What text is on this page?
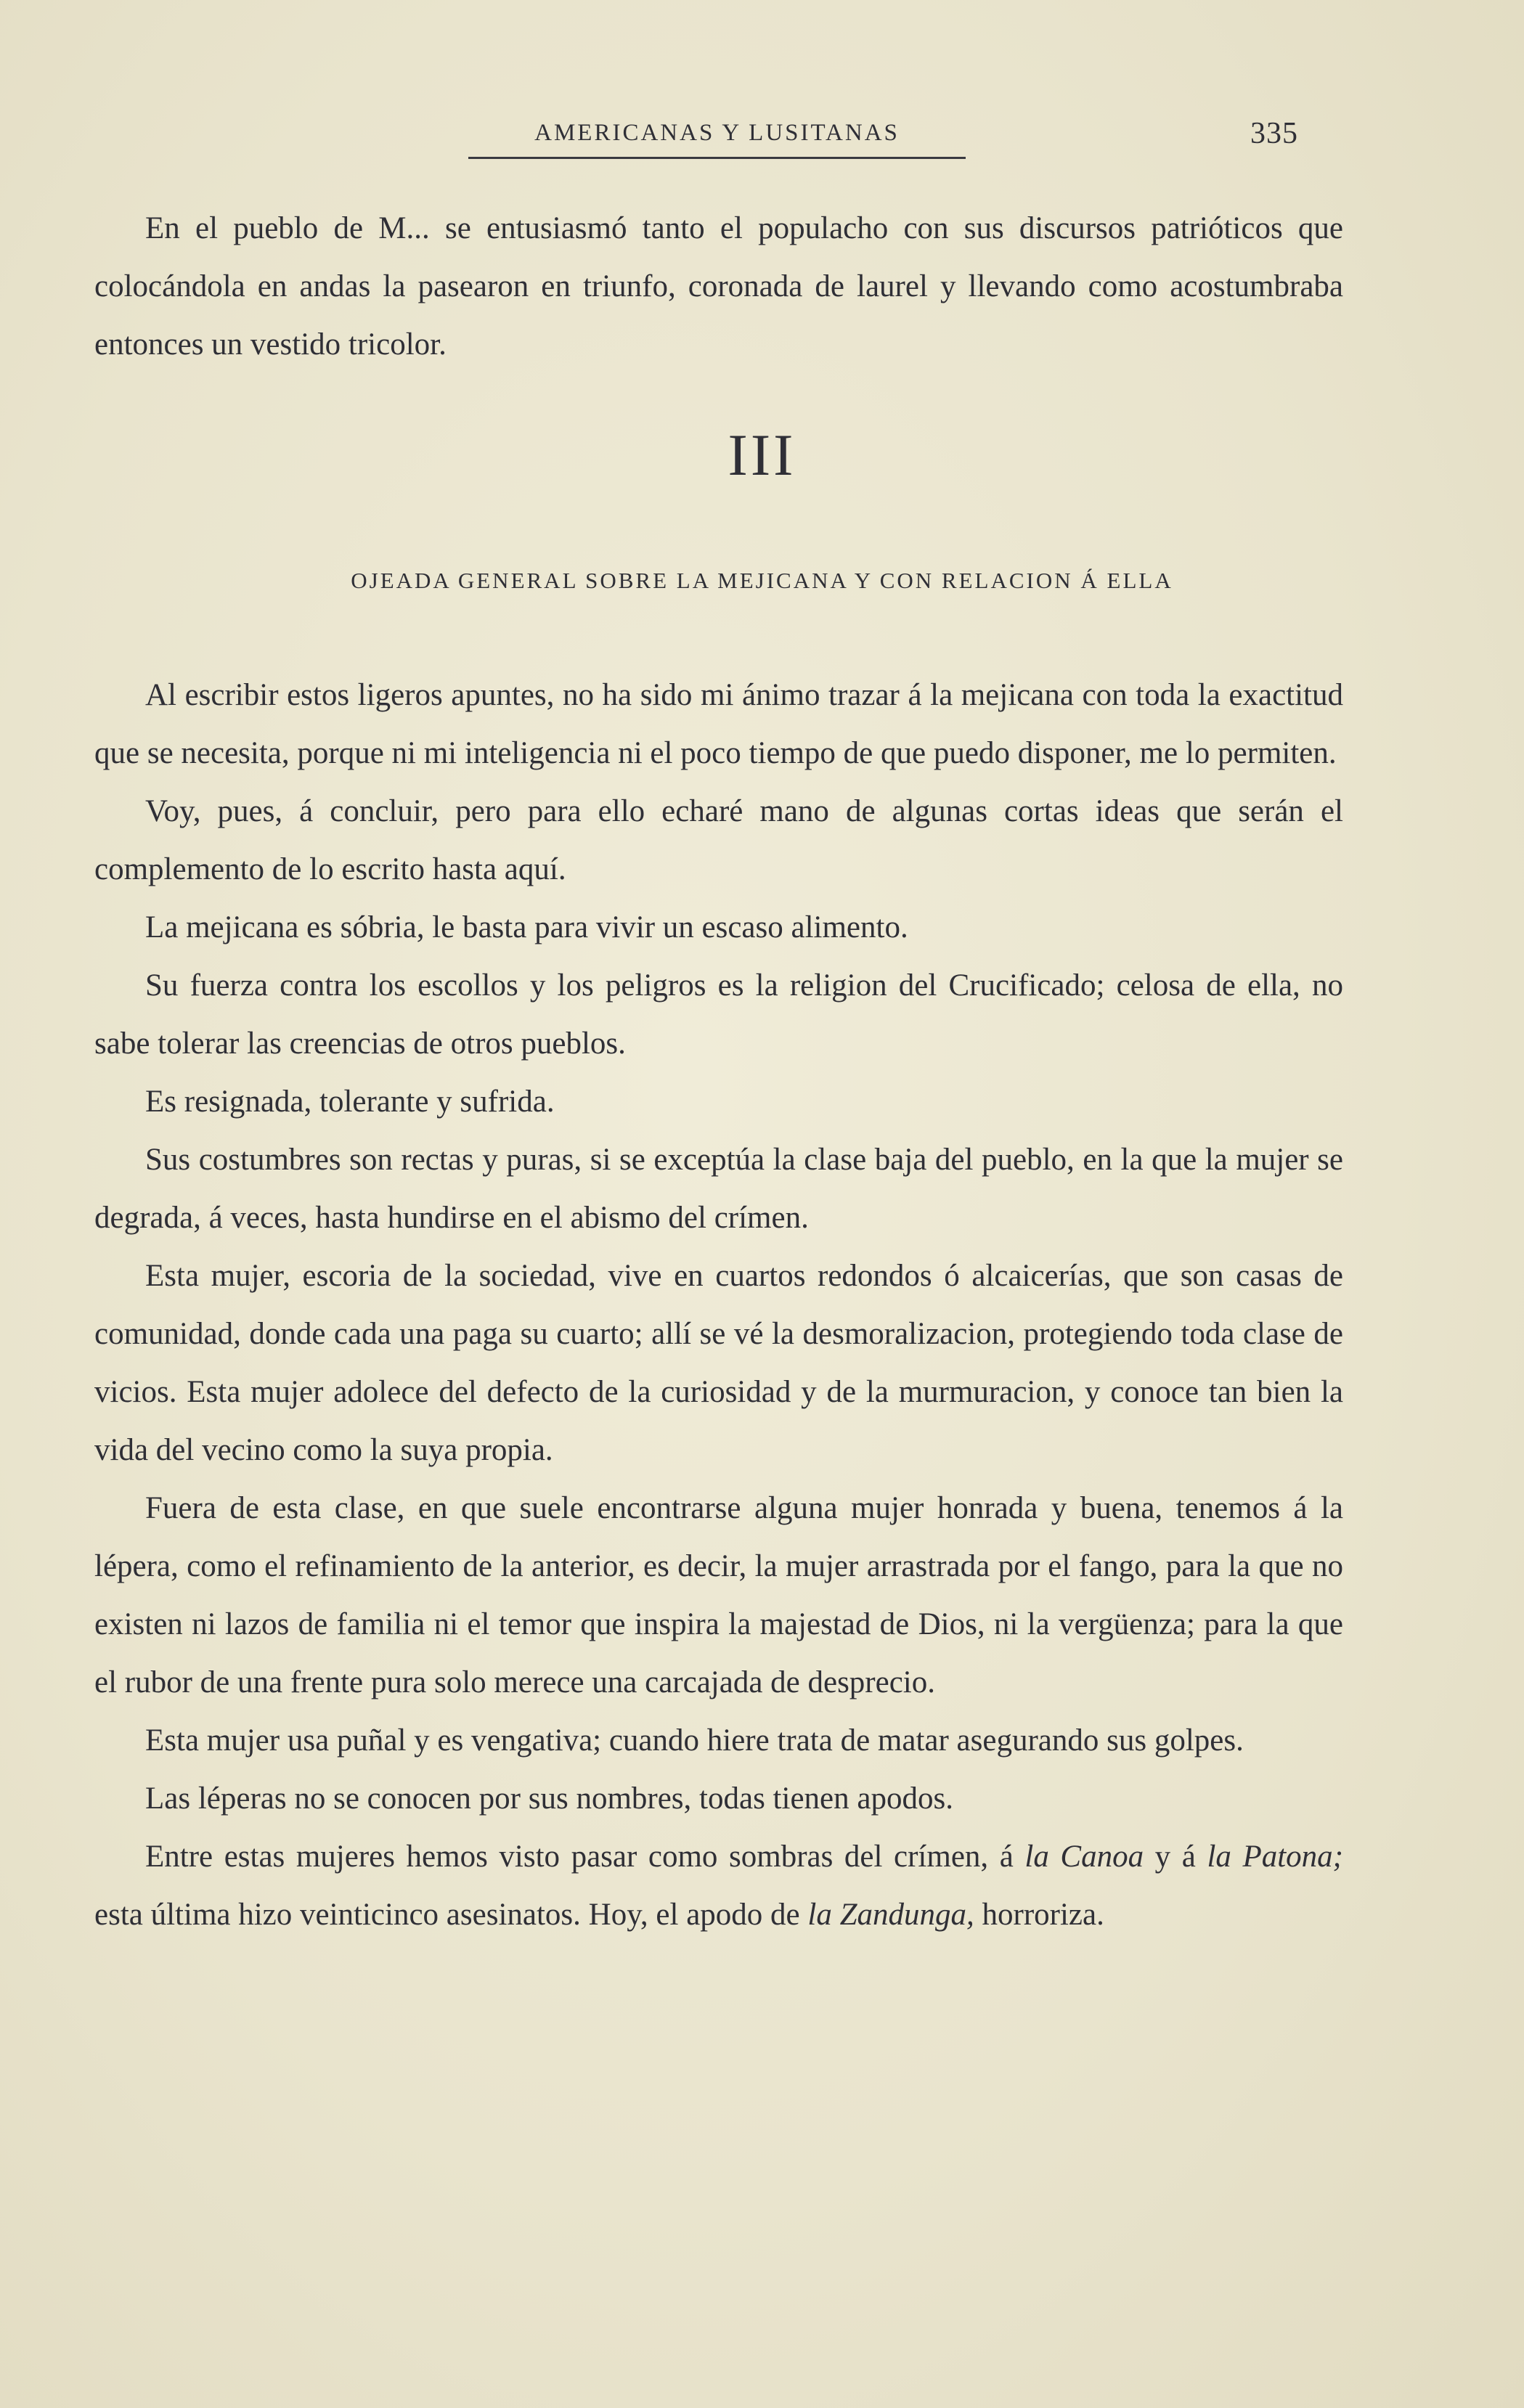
AMERICANAS Y LUSITANAS	335

En el pueblo de M... se entusiasmó tanto el populacho con sus discursos patrióticos que colocándola en andas la pasearon en triunfo, coronada de laurel y llevando como acostumbraba entonces un vestido tricolor.

III
OJEADA GENERAL SOBRE LA MEJICANA Y CON RELACION Á ELLA

Al escribir estos ligeros apuntes, no ha sido mi ánimo trazar á la mejicana con toda la exactitud que se necesita, porque ni mi inteligencia ni el poco tiempo de que puedo disponer, me lo permiten.

Voy, pues, á concluir, pero para ello echaré mano de algunas cortas ideas que serán el complemento de lo escrito hasta aquí.

La mejicana es sóbria, le basta para vivir un escaso alimento.

Su fuerza contra los escollos y los peligros es la religion del Crucificado; celosa de ella, no sabe tolerar las creencias de otros pueblos.

Es resignada, tolerante y sufrida.

Sus costumbres son rectas y puras, si se exceptúa la clase baja del pueblo, en la que la mujer se degrada, á veces, hasta hundirse en el abismo del crímen.

Esta mujer, escoria de la sociedad, vive en cuartos redondos ó alcaicerías, que son casas de comunidad, donde cada una paga su cuarto; allí se vé la desmoralizacion, protegiendo toda clase de vicios. Esta mujer adolece del defecto de la curiosidad y de la murmuracion, y conoce tan bien la vida del vecino como la suya propia.

Fuera de esta clase, en que suele encontrarse alguna mujer honrada y buena, tenemos á la lépera, como el refinamiento de la anterior, es decir, la mujer arrastrada por el fango, para la que no existen ni lazos de familia ni el temor que inspira la majestad de Dios, ni la vergüenza; para la que el rubor de una frente pura solo merece una carcajada de desprecio.

Esta mujer usa puñal y es vengativa; cuando hiere trata de matar asegurando sus golpes.

Las léperas no se conocen por sus nombres, todas tienen apodos.

Entre estas mujeres hemos visto pasar como sombras del crímen, á la Canoa y á la Patona; esta última hizo veinticinco asesinatos. Hoy, el apodo de la Zandunga, horroriza.
